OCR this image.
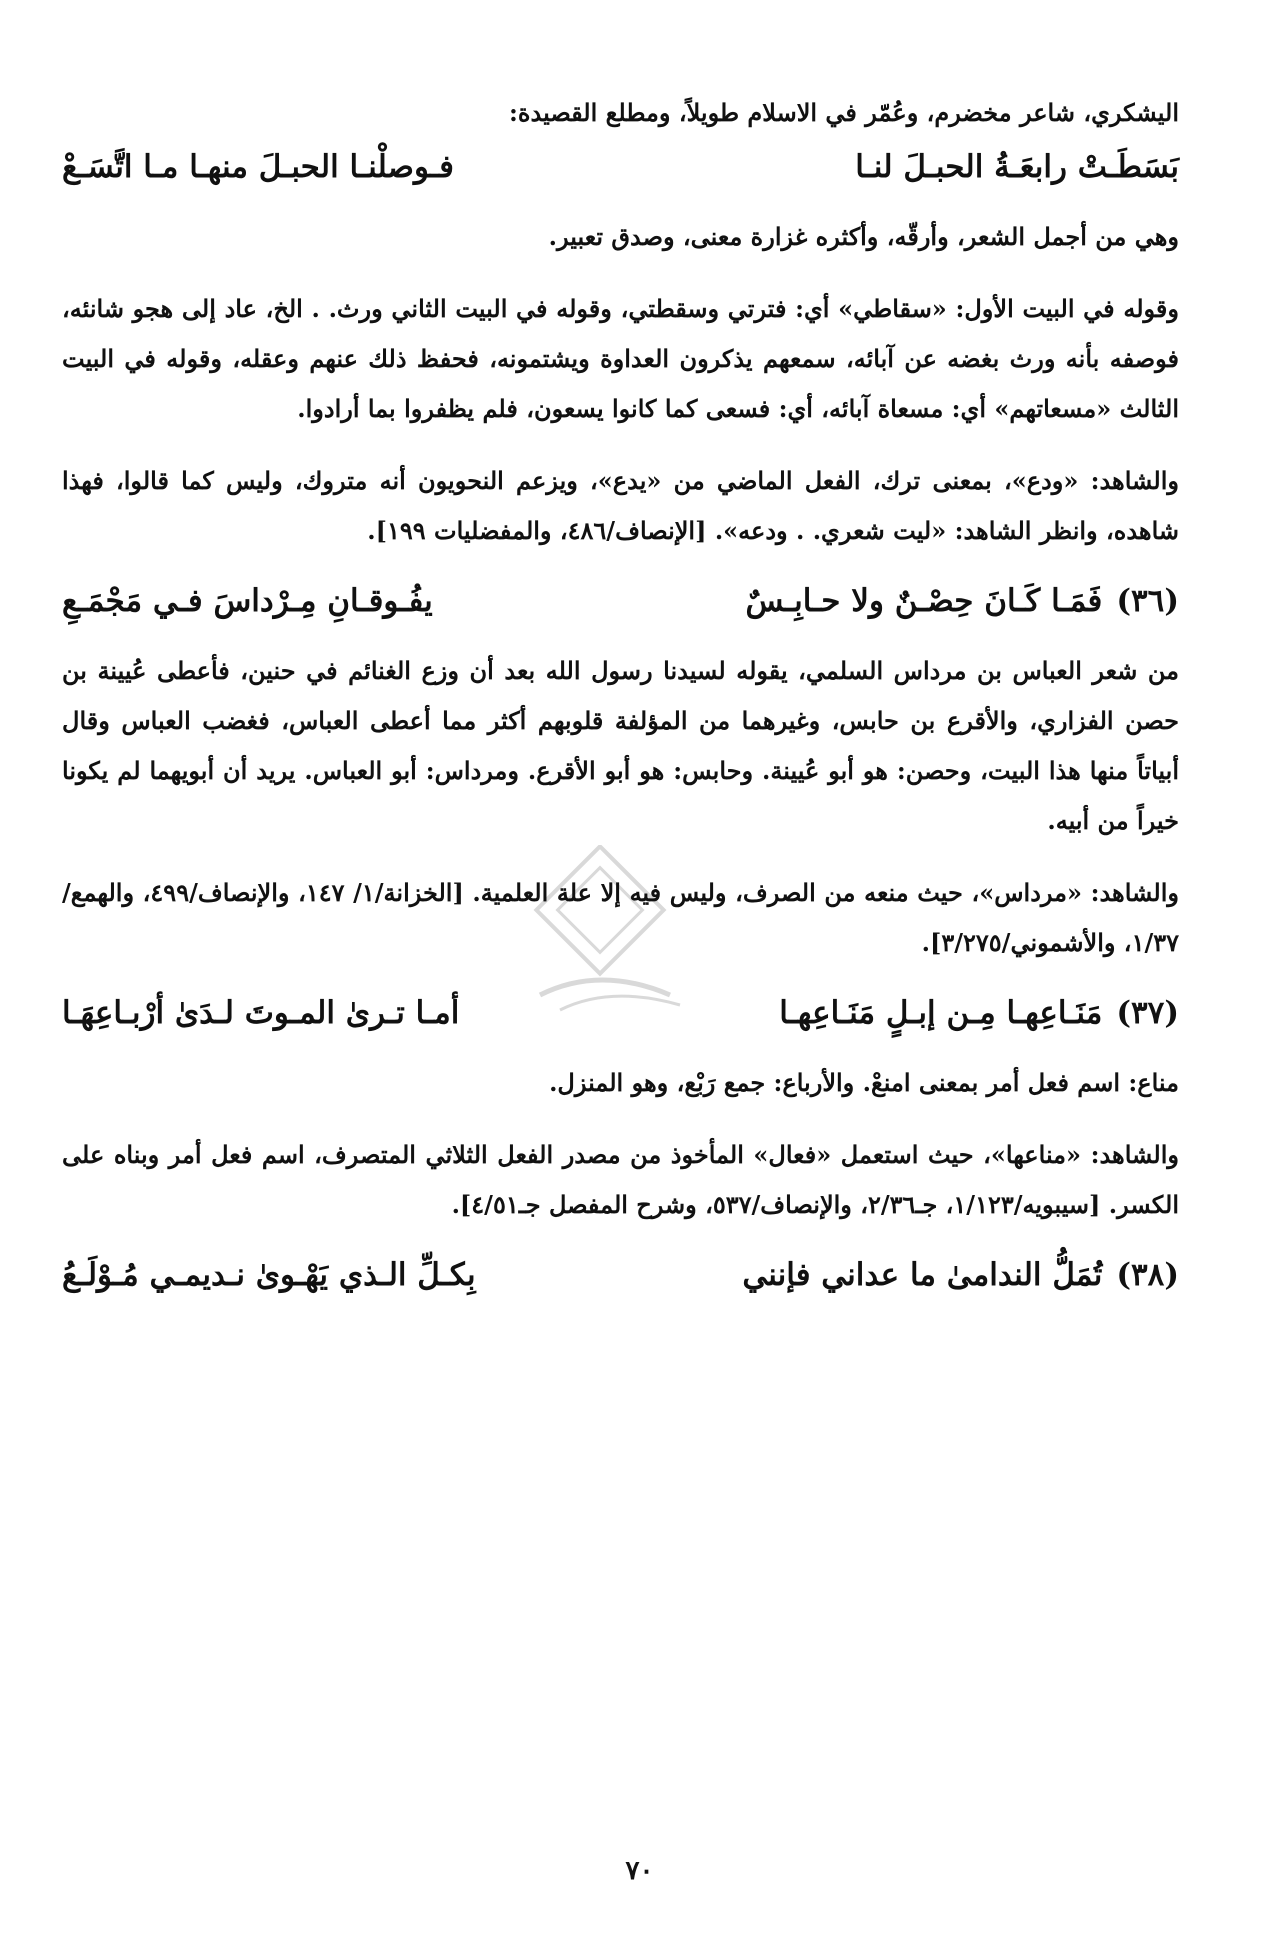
اليشكري، شاعر مخضرم، وعُمّر في الاسلام طويلاً، ومطلع القصيدة:
بَسَطَـتْ رابعَـةُ الحبـلَ لنـا
فـوصلْنـا الحبـلَ منهـا مـا اتَّسَـعْ

وهي من أجمل الشعر، وأرقّه، وأكثره غزارة معنى، وصدق تعبير.

وقوله في البيت الأول: «سقاطي» أي: فترتي وسقطتي، وقوله في البيت الثاني ورث. . الخ، عاد إلى هجو شانئه، فوصفه بأنه ورث بغضه عن آبائه، سمعهم يذكرون العداوة ويشتمونه، فحفظ ذلك عنهم وعقله، وقوله في البيت الثالث «مسعاتهم» أي: مسعاة آبائه، أي: فسعى كما كانوا يسعون، فلم يظفروا بما أرادوا.

والشاهد: «ودع»، بمعنى ترك، الفعل الماضي من «يدع»، ويزعم النحويون أنه متروك، وليس كما قالوا، فهذا شاهده، وانظر الشاهد: «ليت شعري. . ودعه». [الإنصاف/٤٨٦، والمفضليات ١٩٩].

(٣٦)
فَمَـا كَـانَ حِصْـنٌ ولا حـابِـسٌ
يفُـوقـانِ مِـرْداسَ فـي مَجْمَـعِ

من شعر العباس بن مرداس السلمي، يقوله لسيدنا رسول الله بعد أن وزع الغنائم في حنين، فأعطى عُيينة بن حصن الفزاري، والأقرع بن حابس، وغيرهما من المؤلفة قلوبهم أكثر مما أعطى العباس، فغضب العباس وقال أبياتاً منها هذا البيت، وحصن: هو أبو عُيينة. وحابس: هو أبو الأقرع. ومرداس: أبو العباس. يريد أن أبويهما لم يكونا خيراً من أبيه.

والشاهد: «مرداس»، حيث منعه من الصرف، وليس فيه إلا علة العلمية. [الخزانة/١/ ١٤٧، والإنصاف/٤٩٩، والهمع/١/٣٧، والأشموني/٣/٢٧٥].

(٣٧)
مَنَـاعِهـا مِـن إبـلٍ مَنَـاعِهـا
أمـا تـرىٰ المـوتَ لـدَىٰ أرْبـاعِهَـا

مناع: اسم فعل أمر بمعنى امنعْ. والأرباع: جمع رَبْع، وهو المنزل.

والشاهد: «مناعها»، حيث استعمل «فعال» المأخوذ من مصدر الفعل الثلاثي المتصرف، اسم فعل أمر وبناه على الكسر. [سيبويه/١/١٢٣، جـ٢/٣٦، والإنصاف/٥٣٧، وشرح المفصل جـ٤/٥١].

(٣٨)
تُمَلُّ الندامىٰ ما عداني فإنني
بِكـلِّ الـذي يَهْـوىٰ نـديمـي مُـوْلَـعُ
٧٠
